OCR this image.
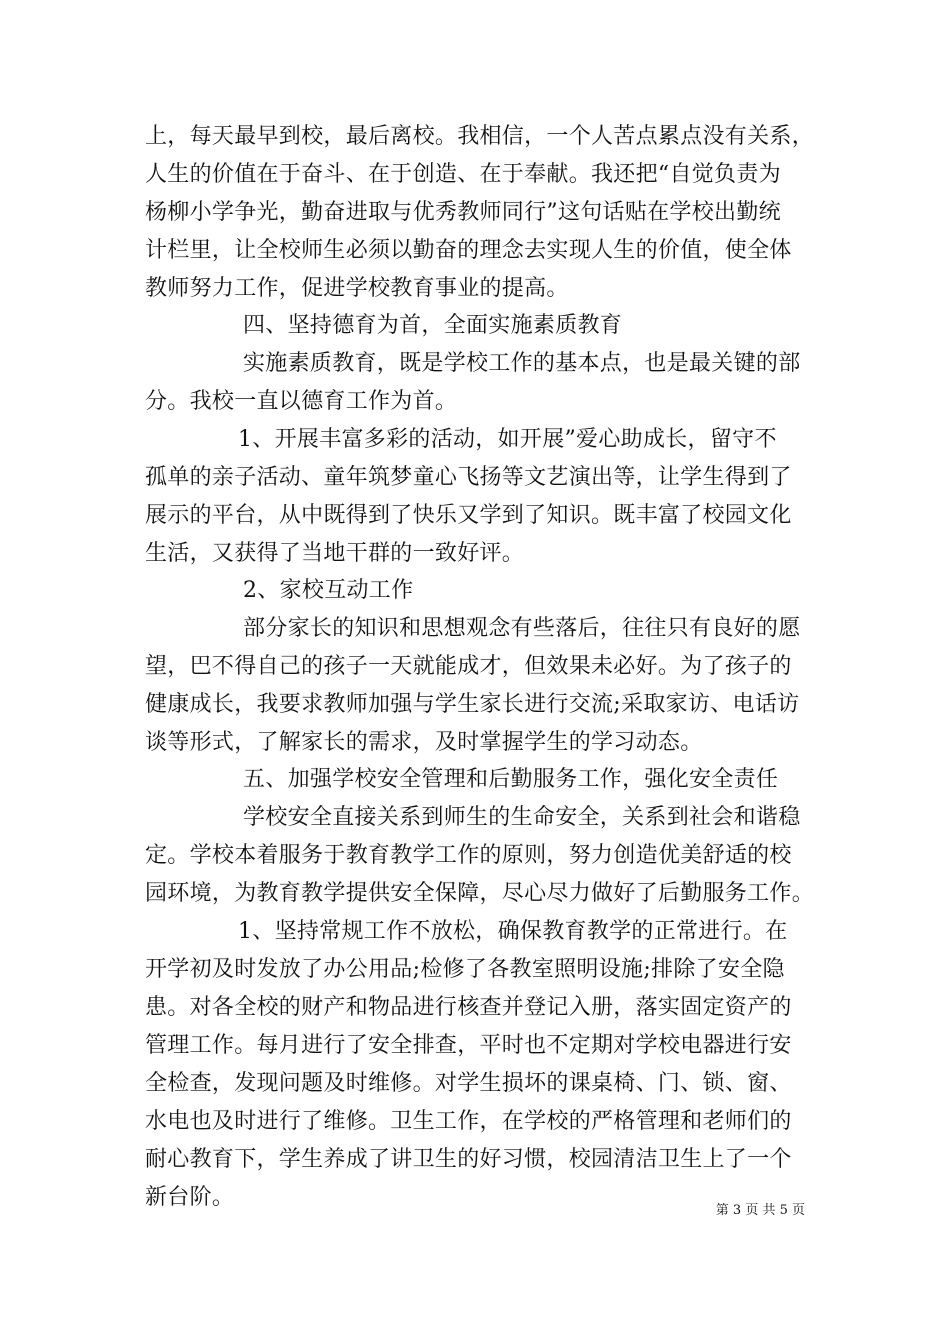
上，每天最早到校，最后离校。我相信，一个人苦点累点没有关系，
人生的价值在于奋斗、在于创造、在于奉献。我还把“自觉负责为
杨柳小学争光，勤奋进取与优秀教师同行”这句话贴在学校出勤统
计栏里，让全校师生必须以勤奋的理念去实现人生的价值，使全体
教师努力工作，促进学校教育事业的提高。
四、坚持德育为首，全面实施素质教育
实施素质教育，既是学校工作的基本点，也是最关键的部
分。我校一直以德育工作为首。
1、开展丰富多彩的活动，如开展”爱心助成长，留守不
孤单的亲子活动、童年筑梦童心飞扬等文艺演出等，让学生得到了
展示的平台，从中既得到了快乐又学到了知识。既丰富了校园文化
生活，又获得了当地干群的一致好评。
2、家校互动工作
部分家长的知识和思想观念有些落后，往往只有良好的愿
望，巴不得自己的孩子一天就能成才，但效果未必好。为了孩子的
健康成长，我要求教师加强与学生家长进行交流;采取家访、电话访
谈等形式，了解家长的需求，及时掌握学生的学习动态。
五、加强学校安全管理和后勤服务工作，强化安全责任
学校安全直接关系到师生的生命安全，关系到社会和谐稳
定。学校本着服务于教育教学工作的原则，努力创造优美舒适的校
园环境，为教育教学提供安全保障，尽心尽力做好了后勤服务工作。
1、坚持常规工作不放松，确保教育教学的正常进行。在
开学初及时发放了办公用品;检修了各教室照明设施;排除了安全隐
患。对各全校的财产和物品进行核查并登记入册，落实固定资产的
管理工作。每月进行了安全排查，平时也不定期对学校电器进行安
全检查，发现问题及时维修。对学生损坏的课桌椅、门、锁、窗、
水电也及时进行了维修。卫生工作，在学校的严格管理和老师们的
耐心教育下，学生养成了讲卫生的好习惯，校园清洁卫生上了一个
新台阶。
第 3 页 共 5 页
